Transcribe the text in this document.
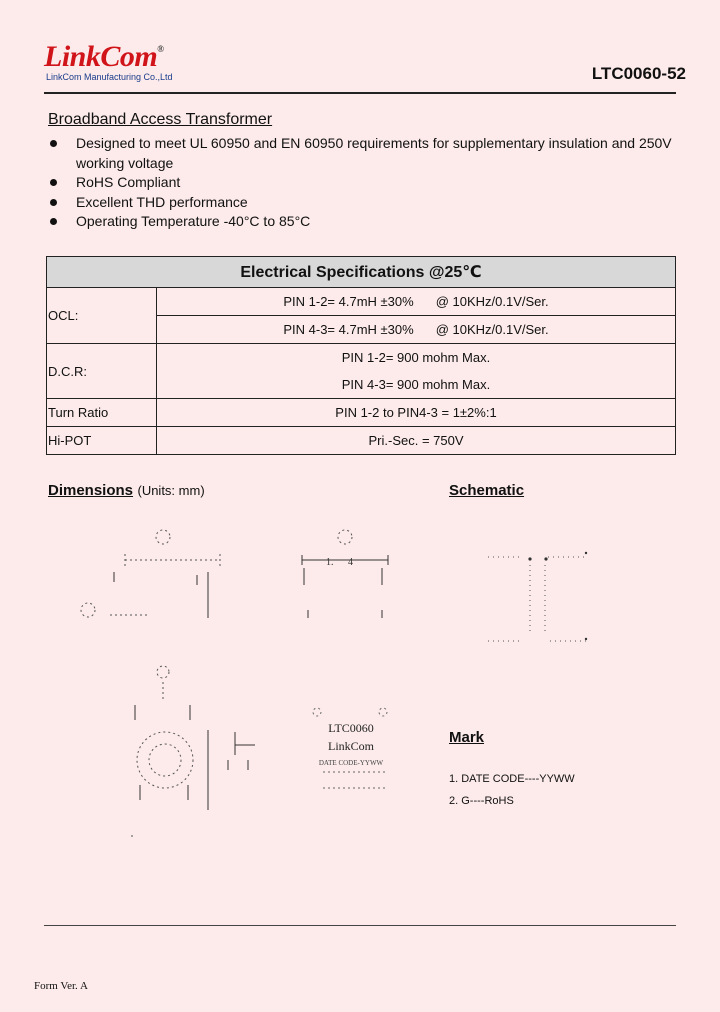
LinkCom®
LinkCom Manufacturing Co.,Ltd	LTC0060-52
Broadband Access Transformer
Designed to meet UL 60950 and EN 60950 requirements for supplementary insulation and 250V working voltage
RoHS Compliant
Excellent THD performance
Operating Temperature -40°C to 85°C
Electrical Specifications @25℃	
OCL:	PIN 1-2= 4.7mH ±30% @ 10KHz/0.1V/Ser.
	PIN 4-3= 4.7mH ±30% @ 10KHz/0.1V/Ser.
D.C.R:	PIN 1-2= 900 mohm Max.
	PIN 4-3= 900 mohm Max.
Turn Ratio	PIN 1-2 to PIN4-3 = 1±2%:1
Hi-POT	Pri.-Sec. = 750V
Dimensions (Units: mm)	Schematic
1. 4
LTC0060
LinkCom
DATE CODE-YYWW
Mark
1. DATE CODE----YYWW
2. G----RoHS
Form Ver. A
